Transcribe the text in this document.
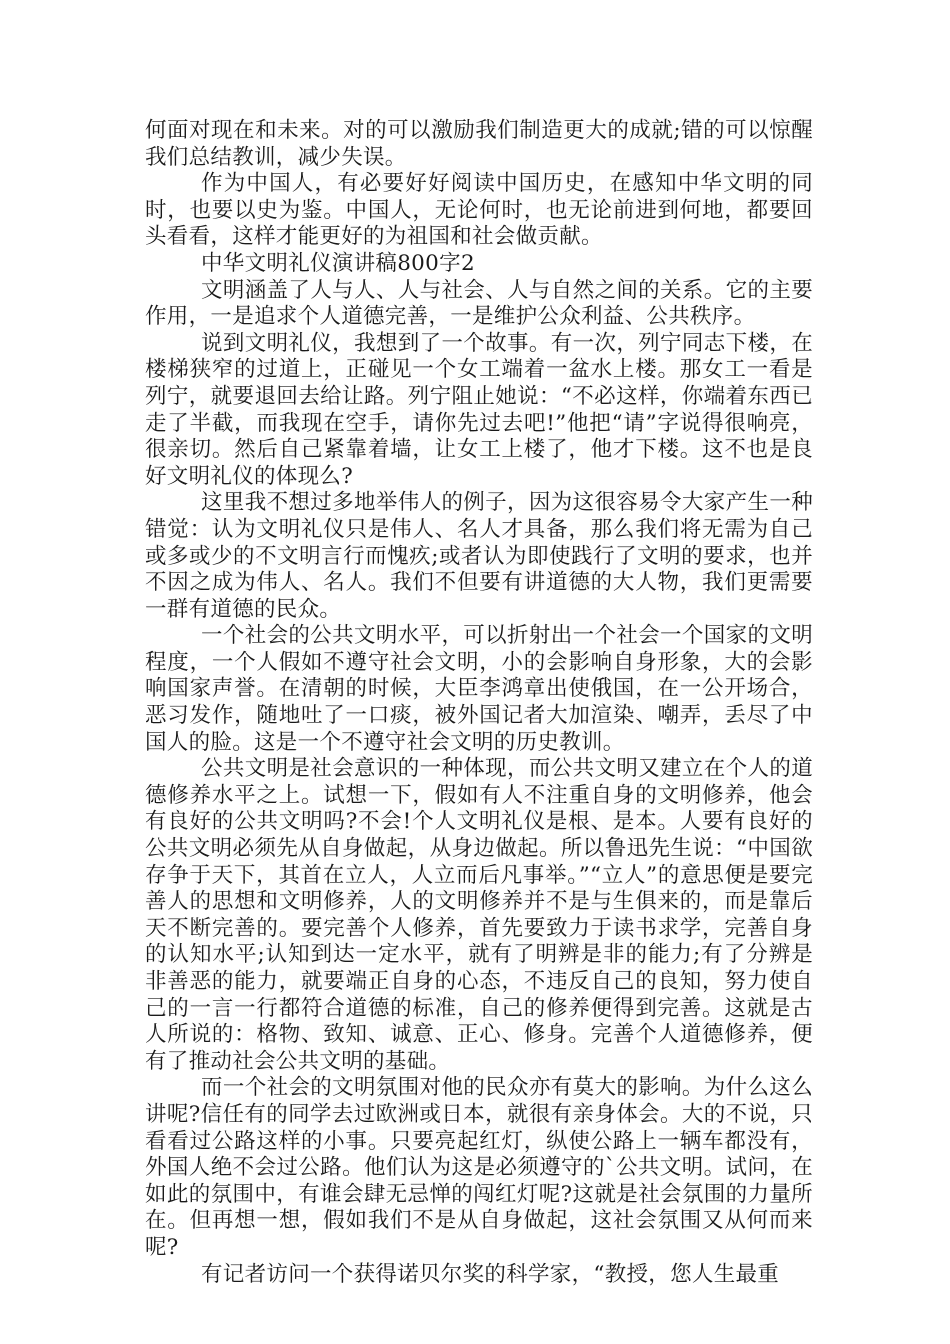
何面对现在和未来。对的可以激励我们制造更大的成就;错的可以惊醒我们总结教训，减少失误。

作为中国人，有必要好好阅读中国历史，在感知中华文明的同时，也要以史为鉴。中国人，无论何时，也无论前进到何地，都要回头看看，这样才能更好的为祖国和社会做贡献。

中华文明礼仪演讲稿800字2

文明涵盖了人与人、人与社会、人与自然之间的关系。它的主要作用，一是追求个人道德完善，一是维护公众利益、公共秩序。

说到文明礼仪，我想到了一个故事。有一次，列宁同志下楼，在楼梯狭窄的过道上，正碰见一个女工端着一盆水上楼。那女工一看是列宁，就要退回去给让路。列宁阻止她说：“不必这样，你端着东西已走了半截，而我现在空手，请你先过去吧!”他把“请”字说得很响亮，很亲切。然后自己紧靠着墙，让女工上楼了，他才下楼。这不也是良好文明礼仪的体现么?

这里我不想过多地举伟人的例子，因为这很容易令大家产生一种错觉：认为文明礼仪只是伟人、名人才具备，那么我们将无需为自己或多或少的不文明言行而愧疚;或者认为即使践行了文明的要求，也并不因之成为伟人、名人。我们不但要有讲道德的大人物，我们更需要一群有道德的民众。

一个社会的公共文明水平，可以折射出一个社会一个国家的文明程度，一个人假如不遵守社会文明，小的会影响自身形象，大的会影响国家声誉。在清朝的时候，大臣李鸿章出使俄国，在一公开场合，恶习发作，随地吐了一口痰，被外国记者大加渲染、嘲弄，丢尽了中国人的脸。这是一个不遵守社会文明的历史教训。

公共文明是社会意识的一种体现，而公共文明又建立在个人的道德修养水平之上。试想一下，假如有人不注重自身的文明修养，他会有良好的公共文明吗?不会!个人文明礼仪是根、是本。人要有良好的公共文明必须先从自身做起，从身边做起。所以鲁迅先生说：“中国欲存争于天下，其首在立人，人立而后凡事举。”“立人”的意思便是要完善人的思想和文明修养，人的文明修养并不是与生俱来的，而是靠后天不断完善的。要完善个人修养，首先要致力于读书求学，完善自身的认知水平;认知到达一定水平，就有了明辨是非的能力;有了分辨是非善恶的能力，就要端正自身的心态，不违反自己的良知，努力使自己的一言一行都符合道德的标准，自己的修养便得到完善。这就是古人所说的：格物、致知、诚意、正心、修身。完善个人道德修养，便有了推动社会公共文明的基础。

而一个社会的文明氛围对他的民众亦有莫大的影响。为什么这么讲呢?信任有的同学去过欧洲或日本，就很有亲身体会。大的不说，只看看过公路这样的小事。只要亮起红灯，纵使公路上一辆车都没有，外国人绝不会过公路。他们认为这是必须遵守的`公共文明。试问，在如此的氛围中，有谁会肆无忌惮的闯红灯呢?这就是社会氛围的力量所在。但再想一想，假如我们不是从自身做起，这社会氛围又从何而来呢?

有记者访问一个获得诺贝尔奖的科学家，“教授，您人生最重
